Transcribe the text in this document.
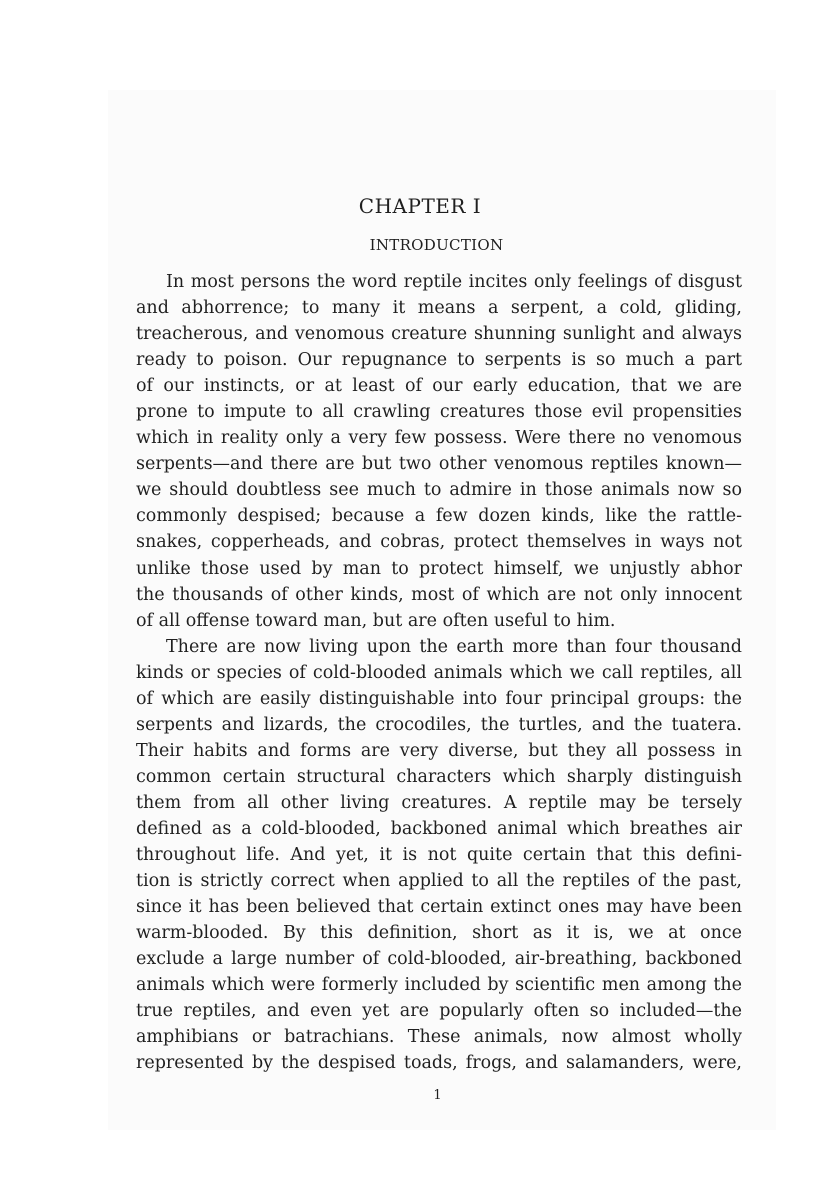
CHAPTER I
INTRODUCTION
In most persons the word reptile incites only feelings of disgust
and abhorrence; to many it means a serpent, a cold, gliding,
treacherous, and venomous creature shunning sunlight and always
ready to poison. Our repugnance to serpents is so much a part
of our instincts, or at least of our early education, that we are
prone to impute to all crawling creatures those evil propensities
which in reality only a very few possess. Were there no venomous
serpents—and there are but two other venomous reptiles known—
we should doubtless see much to admire in those animals now so
commonly despised; because a few dozen kinds, like the rattle-
snakes, copperheads, and cobras, protect themselves in ways not
unlike those used by man to protect himself, we unjustly abhor
the thousands of other kinds, most of which are not only innocent
of all offense toward man, but are often useful to him.
There are now living upon the earth more than four thousand
kinds or species of cold-blooded animals which we call reptiles, all
of which are easily distinguishable into four principal groups: the
serpents and lizards, the crocodiles, the turtles, and the tuatera.
Their habits and forms are very diverse, but they all possess in
common certain structural characters which sharply distinguish
them from all other living creatures. A reptile may be tersely
defined as a cold-blooded, backboned animal which breathes air
throughout life. And yet, it is not quite certain that this defini-
tion is strictly correct when applied to all the reptiles of the past,
since it has been believed that certain extinct ones may have been
warm-blooded. By this definition, short as it is, we at once
exclude a large number of cold-blooded, air-breathing, backboned
animals which were formerly included by scientific men among the
true reptiles, and even yet are popularly often so included—the
amphibians or batrachians. These animals, now almost wholly
represented by the despised toads, frogs, and salamanders, were,

1
